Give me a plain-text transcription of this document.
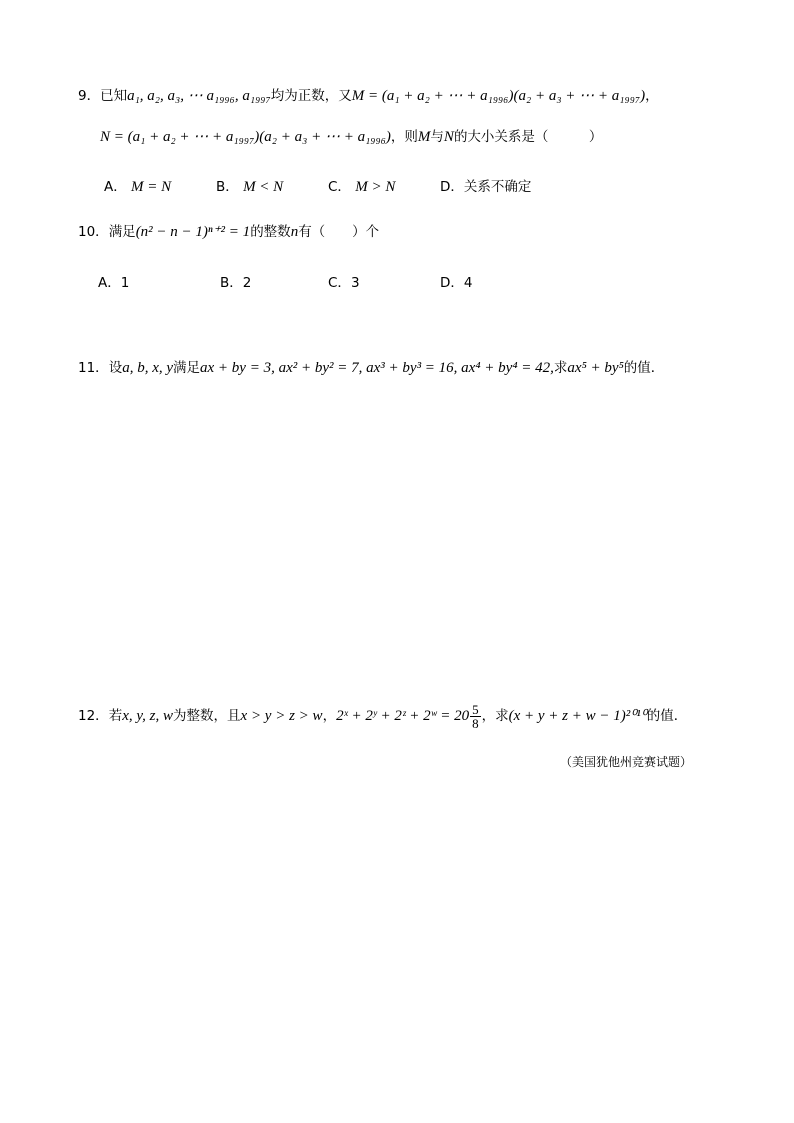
9．已知a₁, a₂, a₃, ⋯ a₁₉₉₆, a₁₉₉₇均为正数，又M = (a₁ + a₂ + ⋯ + a₁₉₉₆)(a₂ + a₃ + ⋯ + a₁₉₉₇)，
N = (a₁ + a₂ + ⋯ + a₁₉₉₇)(a₂ + a₃ + ⋯ + a₁₉₉₆)，则M与N的大小关系是（　　　）
A． M = N	B． M < N	C． M > N	D．关系不确定
10．满足(n² − n − 1)ⁿ⁺² = 1的整数n有（　　）个
A．1	B．2	C．3	D．4
11．设a, b, x, y满足ax + by = 3, ax² + by² = 7, ax³ + by³ = 16, ax⁴ + by⁴ = 42,求ax⁵ + by⁵的值．
12．若x, y, z, w为整数，且x > y > z > w，2ˣ + 2ʸ + 2ᶻ + 2ʷ = $20 \frac{5}{8}$ ，求(x + y + z + w − 1)²⁰¹⁰的值．
（美国犹他州竞赛试题）
